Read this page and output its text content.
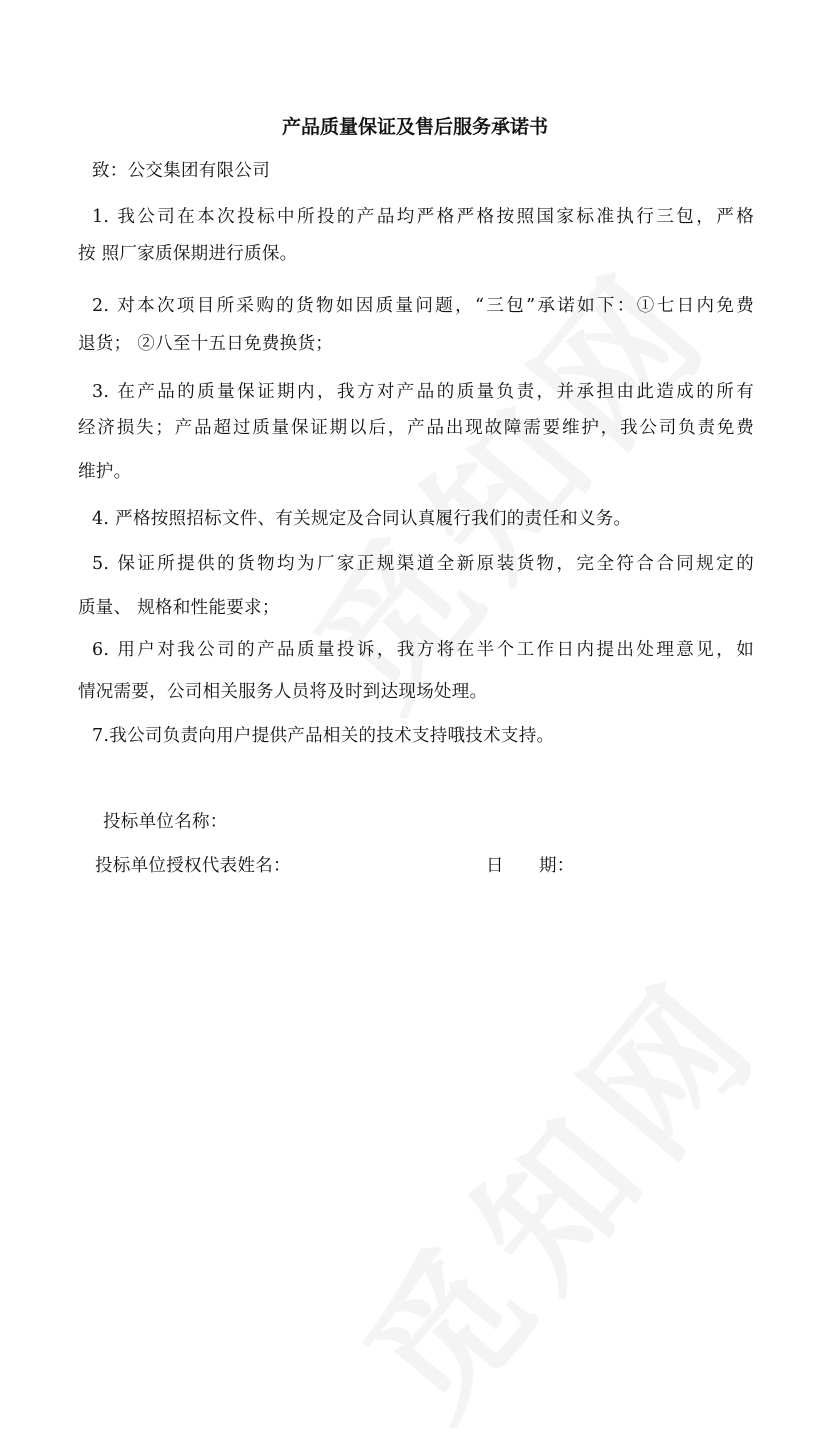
产品质量保证及售后服务承诺书
致：公交集团有限公司
1. 我公司在本次投标中所投的产品均严格严格按照国家标准执行三包，严格
按 照厂家质保期进行质保。
2. 对本次项目所采购的货物如因质量问题，“三包”承诺如下：①七日内免费
退货； ②八至十五日免费换货；
3. 在产品的质量保证期内，我方对产品的质量负责，并承担由此造成的所有
经济损失；产品超过质量保证期以后，产品出现故障需要维护，我公司负责免费
维护。
4. 严格按照招标文件、有关规定及合同认真履行我们的责任和义务。
5. 保证所提供的货物均为厂家正规渠道全新原装货物，完全符合合同规定的
质量、 规格和性能要求；
6. 用户对我公司的产品质量投诉，我方将在半个工作日内提出处理意见，如
情况需要，公司相关服务人员将及时到达现场处理。
7.我公司负责向用户提供产品相关的技术支持哦技术支持。
投标单位名称：
投标单位授权代表姓名：	日      期：
